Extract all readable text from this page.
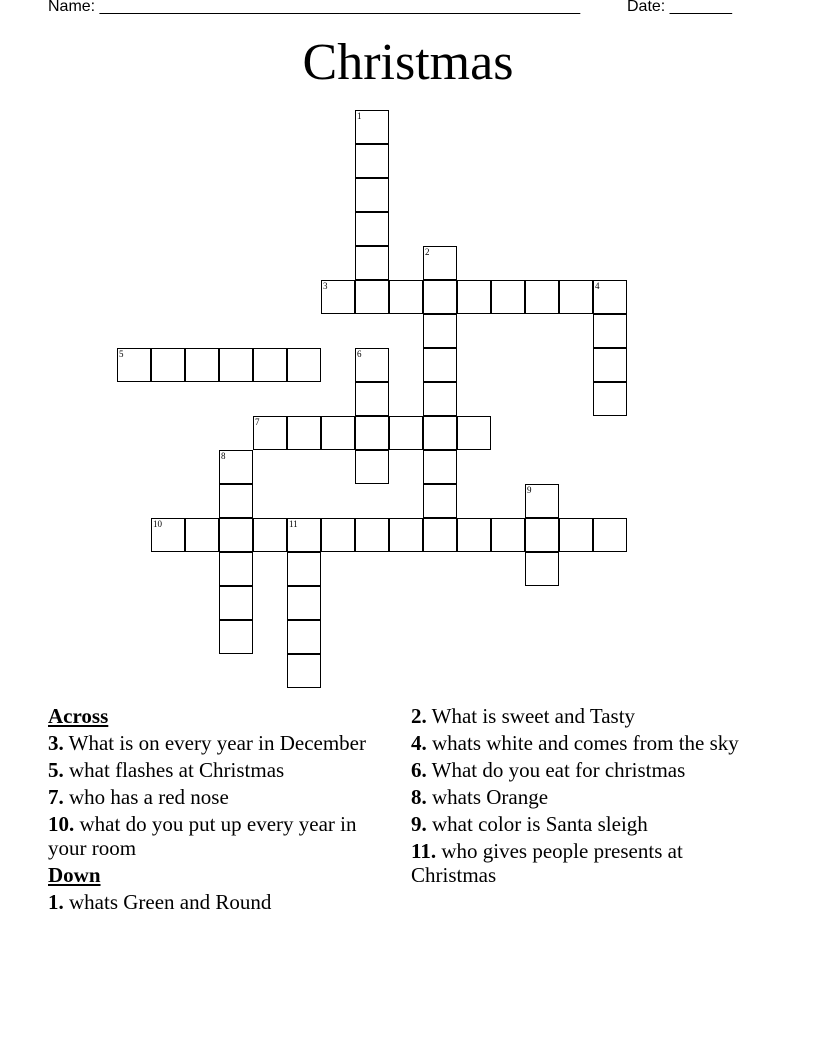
Name: ______________________________________________________	Date: _______
Christmas
1
2
3	4
5	6
7
8
9
10	11
Across
3. What is on every year in December
5. what flashes at Christmas
7. who has a red nose
10. what do you put up every year in your room
Down
1. whats Green and Round
2. What is sweet and Tasty
4. whats white and comes from the sky
6. What do you eat for christmas
8. whats Orange
9. what color is Santa sleigh
11. who gives people presents at Christmas
